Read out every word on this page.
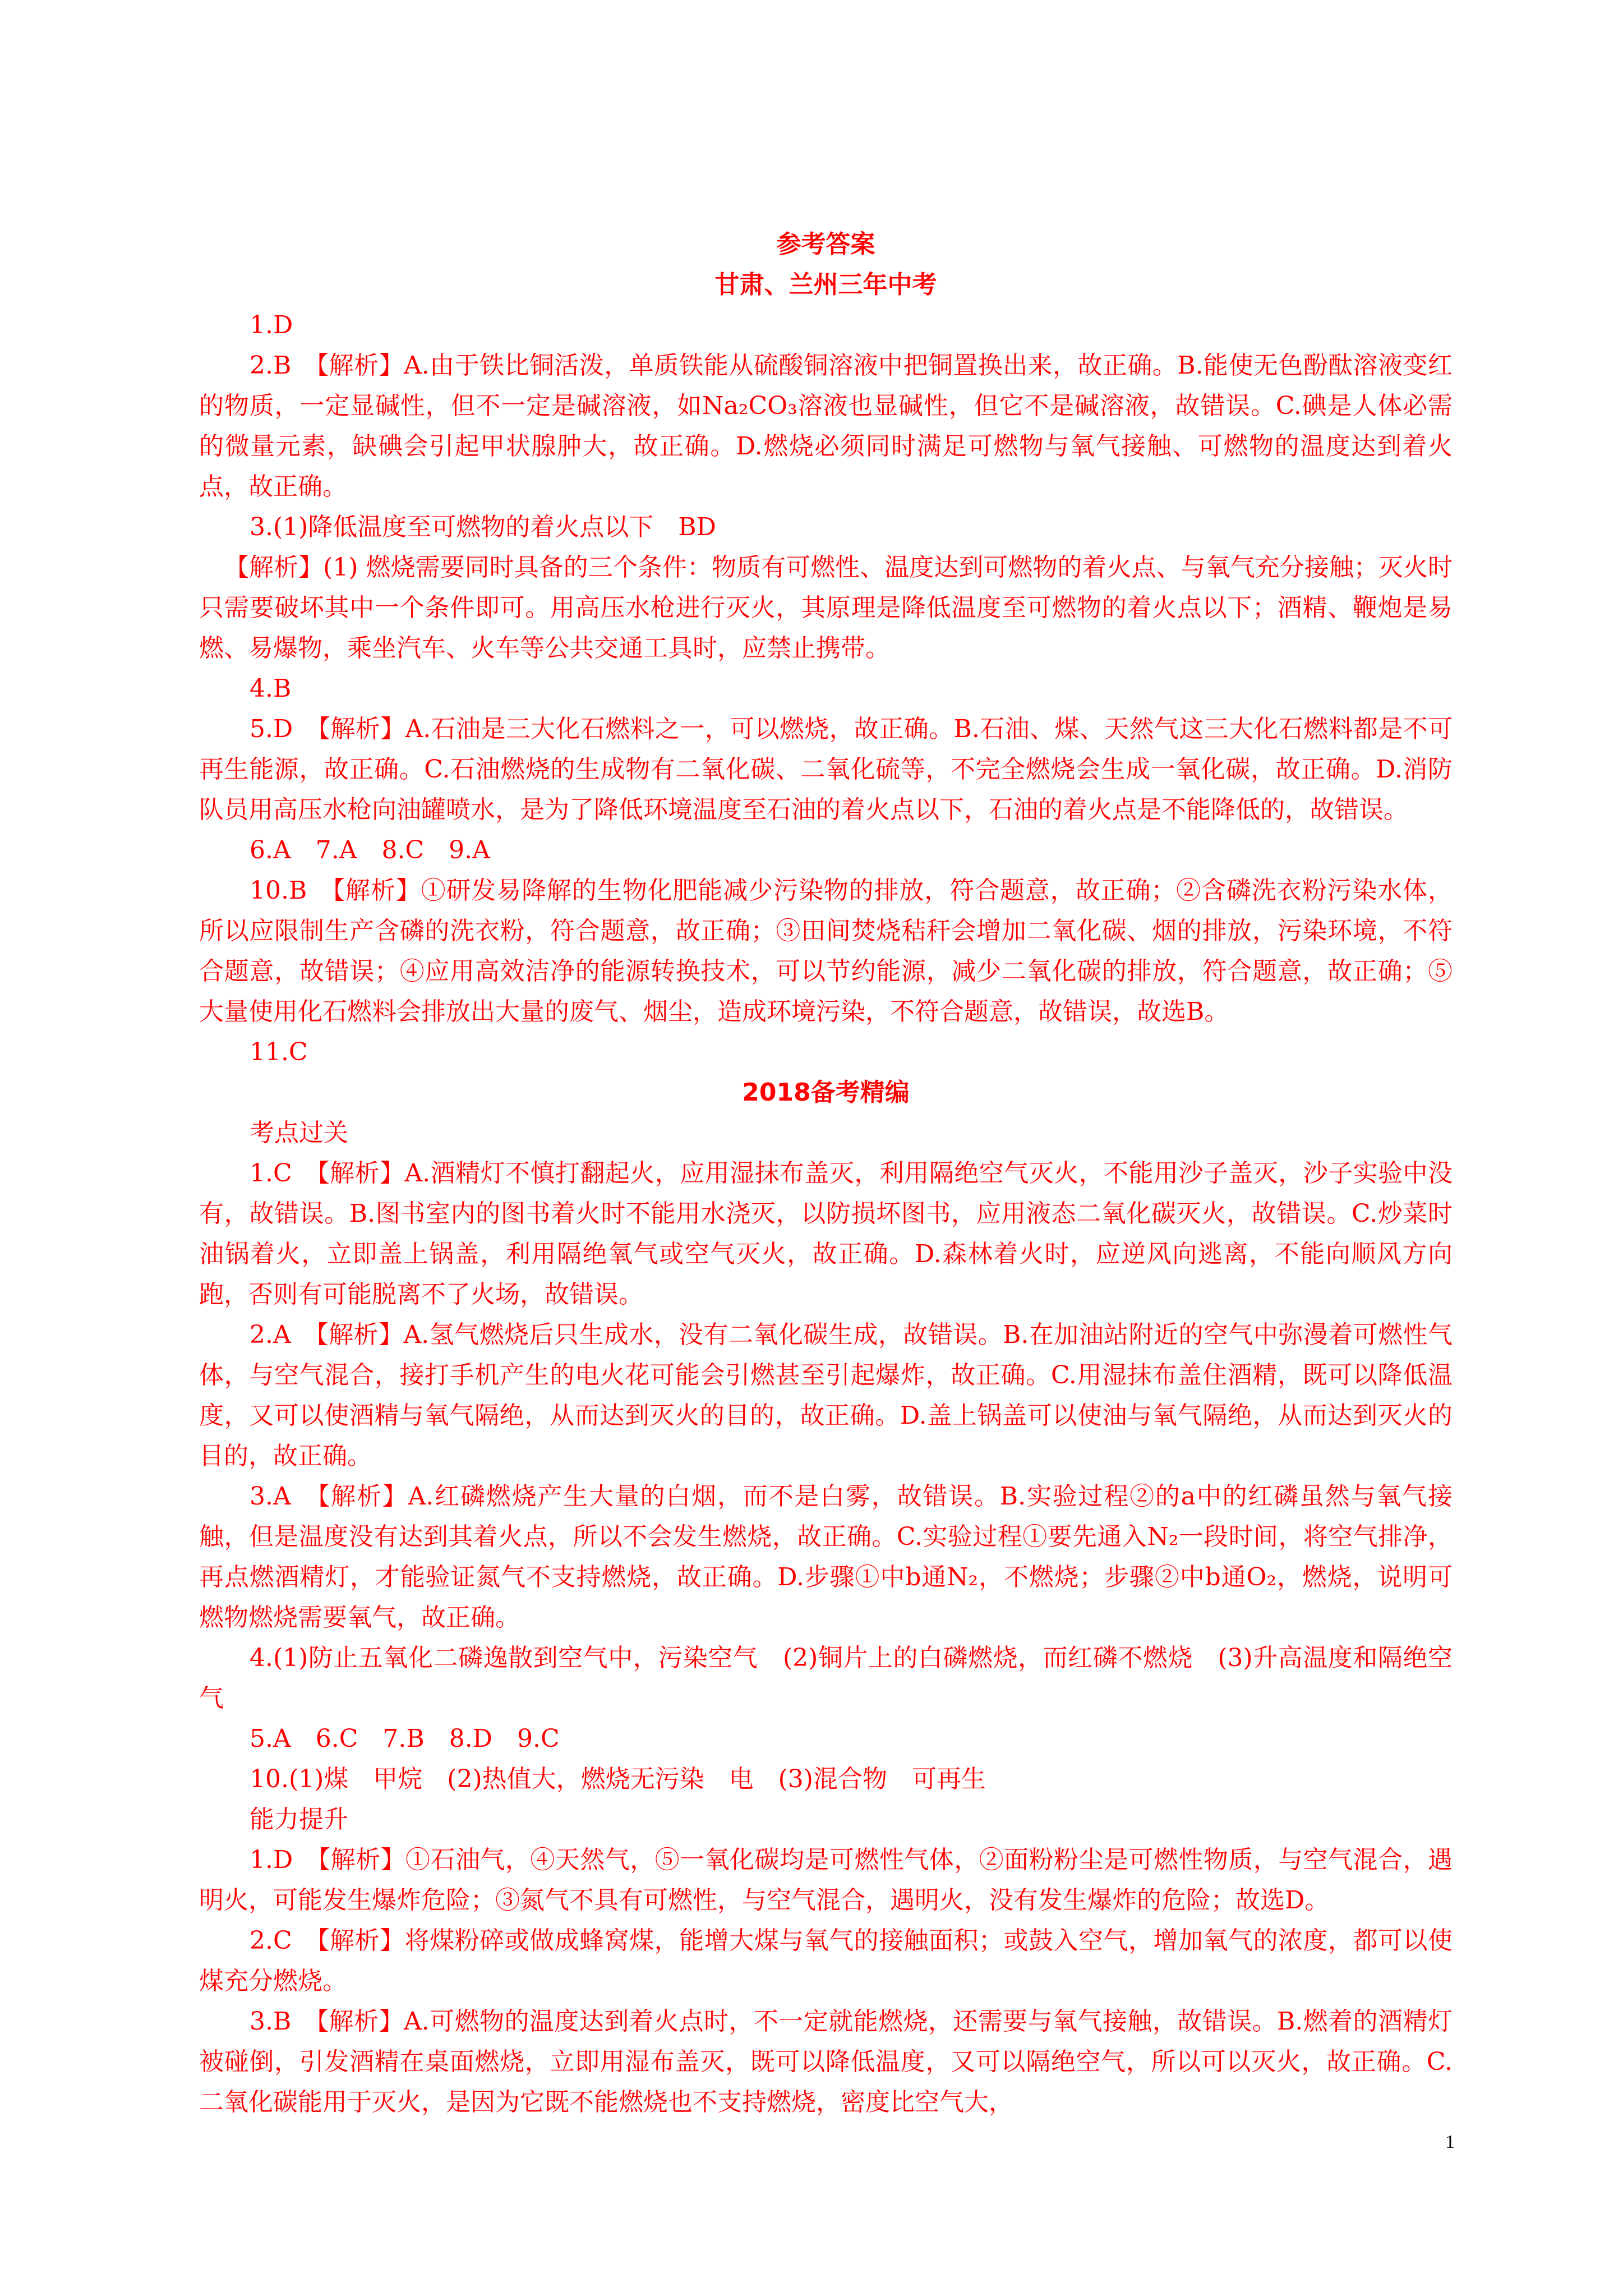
参考答案

甘肃、兰州三年中考

1.D

2.B　【解析】A.由于铁比铜活泼，单质铁能从硫酸铜溶液中把铜置换出来，故正确。B.能使无色酚酞溶液变红的物质，一定显碱性，但不一定是碱溶液，如Na₂CO₃溶液也显碱性，但它不是碱溶液，故错误。C.碘是人体必需的微量元素，缺碘会引起甲状腺肿大，故正确。D.燃烧必须同时满足可燃物与氧气接触、可燃物的温度达到着火点，故正确。

3.(1)降低温度至可燃物的着火点以下　BD

【解析】(1) 燃烧需要同时具备的三个条件：物质有可燃性、温度达到可燃物的着火点、与氧气充分接触；灭火时只需要破坏其中一个条件即可。用高压水枪进行灭火，其原理是降低温度至可燃物的着火点以下；酒精、鞭炮是易燃、易爆物，乘坐汽车、火车等公共交通工具时，应禁止携带。

4.B

5.D　【解析】A.石油是三大化石燃料之一，可以燃烧，故正确。B.石油、煤、天然气这三大化石燃料都是不可再生能源，故正确。C.石油燃烧的生成物有二氧化碳、二氧化硫等，不完全燃烧会生成一氧化碳，故正确。D.消防队员用高压水枪向油罐喷水，是为了降低环境温度至石油的着火点以下，石油的着火点是不能降低的，故错误。

6.A　7.A　8.C　9.A

10.B　【解析】①研发易降解的生物化肥能减少污染物的排放，符合题意，故正确；②含磷洗衣粉污染水体，所以应限制生产含磷的洗衣粉，符合题意，故正确；③田间焚烧秸秆会增加二氧化碳、烟的排放，污染环境，不符合题意，故错误；④应用高效洁净的能源转换技术，可以节约能源，减少二氧化碳的排放，符合题意，故正确；⑤大量使用化石燃料会排放出大量的废气、烟尘，造成环境污染，不符合题意，故错误，故选B。

11.C

2018备考精编

考点过关

1.C　【解析】A.酒精灯不慎打翻起火，应用湿抹布盖灭，利用隔绝空气灭火，不能用沙子盖灭，沙子实验中没有，故错误。B.图书室内的图书着火时不能用水浇灭，以防损坏图书，应用液态二氧化碳灭火，故错误。C.炒菜时油锅着火，立即盖上锅盖，利用隔绝氧气或空气灭火，故正确。D.森林着火时，应逆风向逃离，不能向顺风方向跑，否则有可能脱离不了火场，故错误。

2.A　【解析】A.氢气燃烧后只生成水，没有二氧化碳生成，故错误。B.在加油站附近的空气中弥漫着可燃性气体，与空气混合，接打手机产生的电火花可能会引燃甚至引起爆炸，故正确。C.用湿抹布盖住酒精，既可以降低温度，又可以使酒精与氧气隔绝，从而达到灭火的目的，故正确。D.盖上锅盖可以使油与氧气隔绝，从而达到灭火的目的，故正确。

3.A　【解析】A.红磷燃烧产生大量的白烟，而不是白雾，故错误。B.实验过程②的a中的红磷虽然与氧气接触，但是温度没有达到其着火点，所以不会发生燃烧，故正确。C.实验过程①要先通入N₂一段时间，将空气排净，再点燃酒精灯，才能验证氮气不支持燃烧，故正确。D.步骤①中b通N₂，不燃烧；步骤②中b通O₂，燃烧，说明可燃物燃烧需要氧气，故正确。

4.(1)防止五氧化二磷逸散到空气中，污染空气　(2)铜片上的白磷燃烧，而红磷不燃烧　(3)升高温度和隔绝空气

5.A　6.C　7.B　8.D　9.C

10.(1)煤　甲烷　(2)热值大，燃烧无污染　电　(3)混合物　可再生

能力提升

1.D　【解析】①石油气，④天然气，⑤一氧化碳均是可燃性气体，②面粉粉尘是可燃性物质，与空气混合，遇明火，可能发生爆炸危险；③氮气不具有可燃性，与空气混合，遇明火，没有发生爆炸的危险；故选D。

2.C　【解析】将煤粉碎或做成蜂窝煤，能增大煤与氧气的接触面积；或鼓入空气，增加氧气的浓度，都可以使煤充分燃烧。

3.B　【解析】A.可燃物的温度达到着火点时，不一定就能燃烧，还需要与氧气接触，故错误。B.燃着的酒精灯被碰倒，引发酒精在桌面燃烧，立即用湿布盖灭，既可以降低温度，又可以隔绝空气，所以可以灭火，故正确。C.二氧化碳能用于灭火，是因为它既不能燃烧也不支持燃烧，密度比空气大，

1
